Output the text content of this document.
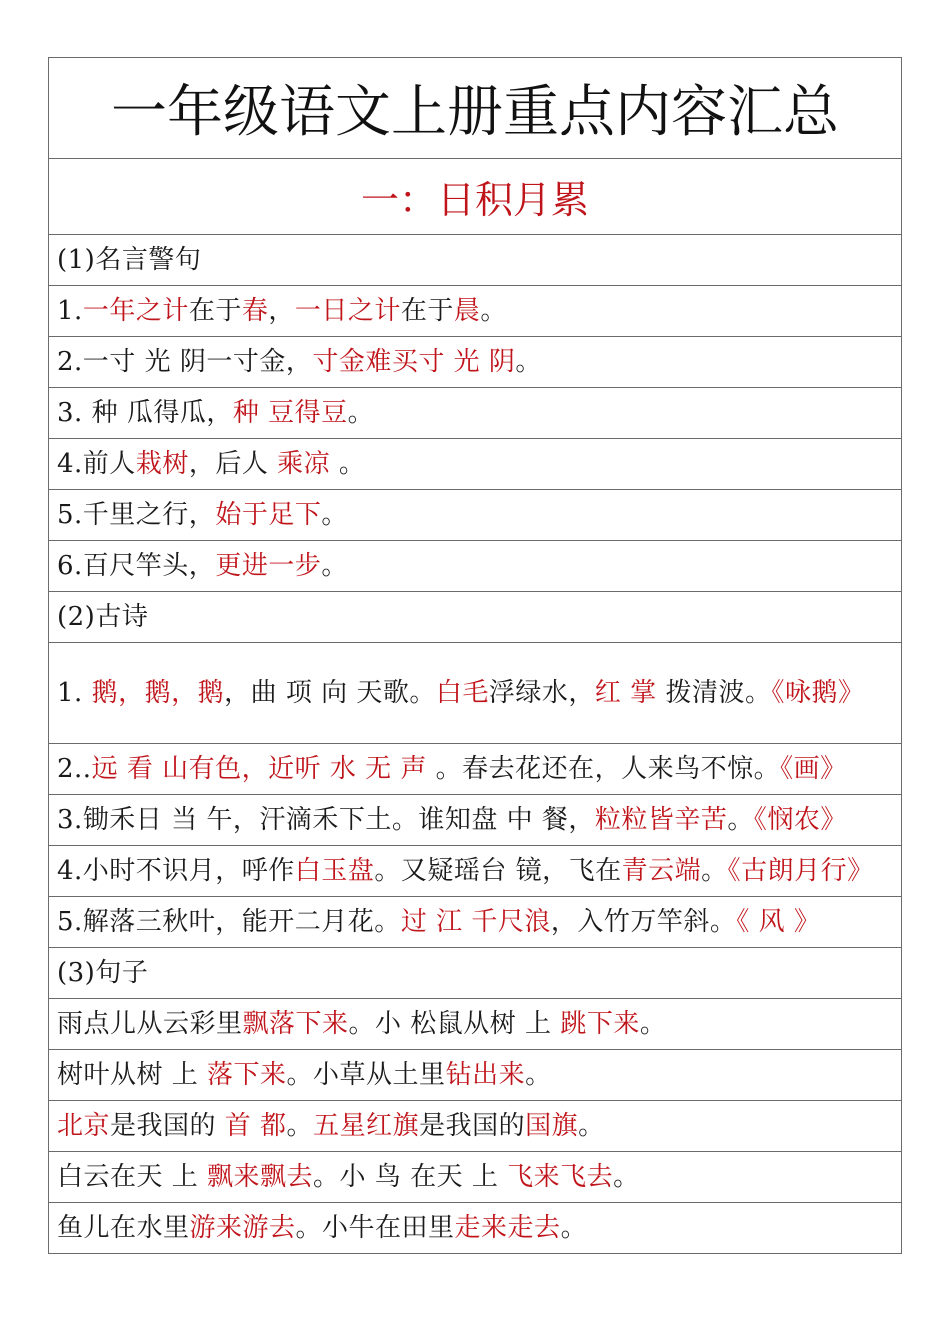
一年级语文上册重点内容汇总
一：日积月累
(1)名言警句
1.一年之计在于春，一日之计在于晨。
2.一寸 光 阴一寸金，寸金难买寸 光 阴。
3. 种 瓜得瓜，种 豆得豆。
4.前人栽树，后人 乘凉 。
5.千里之行，始于足下。
6.百尺竿头，更进一步。
(2)古诗
1. 鹅，鹅，鹅，曲 项 向 天歌。白毛浮绿水，红 掌 拨清波。《咏鹅》
2..远 看 山有色，近听 水 无 声 。春去花还在，人来鸟不惊。《画》
3.锄禾日 当 午，汗滴禾下土。谁知盘 中 餐，粒粒皆辛苦。《悯农》
4.小时不识月，呼作白玉盘。又疑瑶台 镜，飞在青云端。《古朗月行》
5.解落三秋叶，能开二月花。过 江 千尺浪，入竹万竿斜。《 风 》
(3)句子
雨点儿从云彩里飘落下来。小 松鼠从树 上 跳下来。
树叶从树 上 落下来。小草从土里钻出来。
北京是我国的 首 都。五星红旗是我国的国旗。
白云在天 上 飘来飘去。小 鸟 在天 上 飞来飞去。
鱼儿在水里游来游去。小牛在田里走来走去。
